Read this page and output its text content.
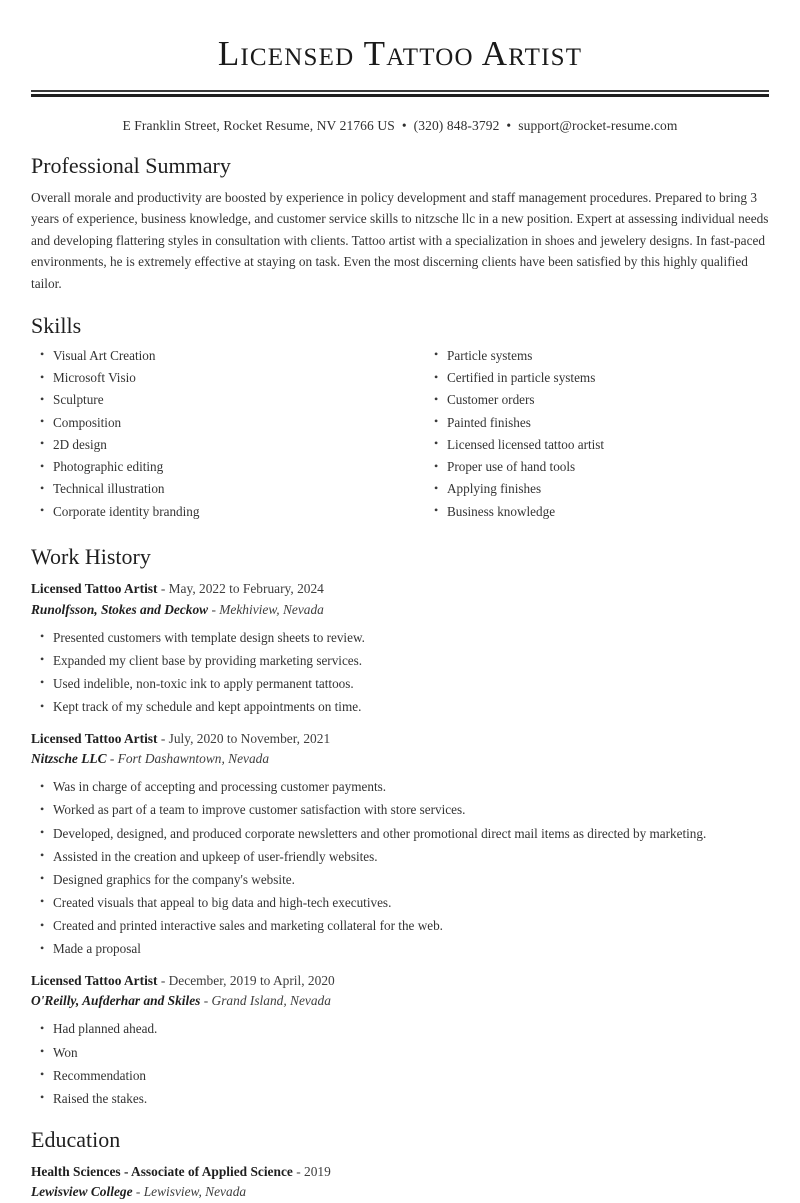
Licensed Tattoo Artist
E Franklin Street, Rocket Resume, NV 21766 US • (320) 848-3792 • support@rocket-resume.com
Professional Summary

Overall morale and productivity are boosted by experience in policy development and staff management procedures. Prepared to bring 3 years of experience, business knowledge, and customer service skills to nitzsche llc in a new position. Expert at assessing individual needs and developing flattering styles in consultation with clients. Tattoo artist with a specialization in shoes and jewelery designs. In fast-paced environments, he is extremely effective at staying on task. Even the most discerning clients have been satisfied by this highly qualified tailor.

Skills
• Visual Art Creation
• Microsoft Visio
• Sculpture
• Composition
• 2D design
• Photographic editing
• Technical illustration
• Corporate identity branding
• Particle systems
• Certified in particle systems
• Customer orders
• Painted finishes
• Licensed licensed tattoo artist
• Proper use of hand tools
• Applying finishes
• Business knowledge
Work History
Licensed Tattoo Artist - May, 2022 to February, 2024
Runolfsson, Stokes and Deckow - Mekhiview, Nevada
• Presented customers with template design sheets to review.
• Expanded my client base by providing marketing services.
• Used indelible, non-toxic ink to apply permanent tattoos.
• Kept track of my schedule and kept appointments on time.
Licensed Tattoo Artist - July, 2020 to November, 2021
Nitzsche LLC - Fort Dashawntown, Nevada
• Was in charge of accepting and processing customer payments.
• Worked as part of a team to improve customer satisfaction with store services.
• Developed, designed, and produced corporate newsletters and other promotional direct mail items as directed by marketing.
• Assisted in the creation and upkeep of user-friendly websites.
• Designed graphics for the company's website.
• Created visuals that appeal to big data and high-tech executives.
• Created and printed interactive sales and marketing collateral for the web.
• Made a proposal
Licensed Tattoo Artist - December, 2019 to April, 2020
O'Reilly, Aufderhar and Skiles - Grand Island, Nevada
• Had planned ahead.
• Won
• Recommendation
• Raised the stakes.
Education
Health Sciences - Associate of Applied Science - 2019
Lewisview College - Lewisview, Nevada
